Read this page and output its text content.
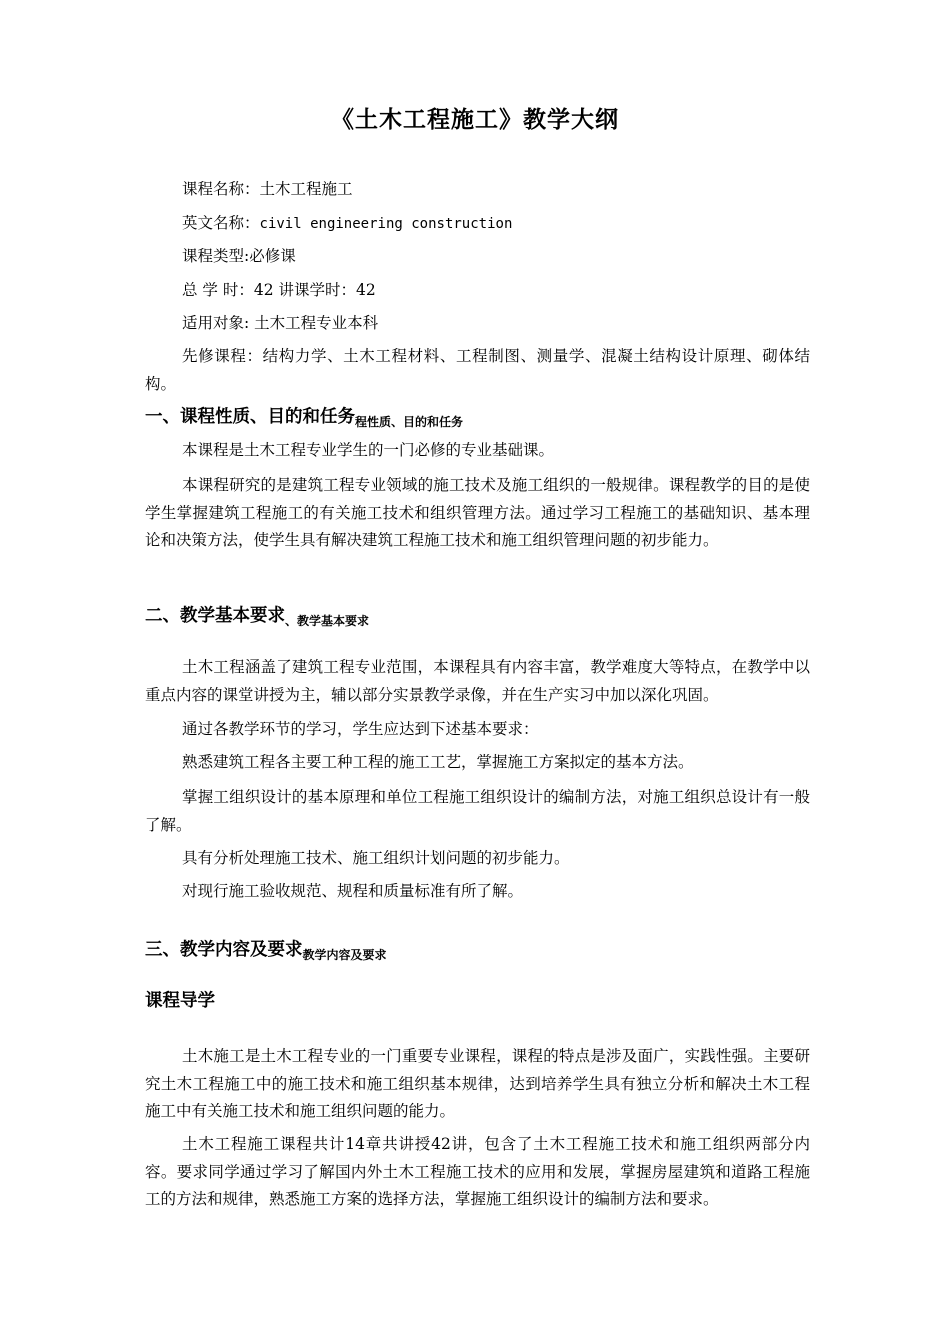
《土木工程施工》教学大纲
课程名称：土木工程施工
英文名称：civil engineering construction
课程类型:必修课
总 学 时：42 讲课学时：42
适用对象: 土木工程专业本科
先修课程：结构力学、土木工程材料、工程制图、测量学、混凝土结构设计原理、砌体结构。
一、课程性质、目的和任务$_{程性质、目的和任务}$
本课程是土木工程专业学生的一门必修的专业基础课。
本课程研究的是建筑工程专业领域的施工技术及施工组织的一般规律。课程教学的目的是使学生掌握建筑工程施工的有关施工技术和组织管理方法。通过学习工程施工的基础知识、基本理论和决策方法，使学生具有解决建筑工程施工技术和施工组织管理问题的初步能力。
二、教学基本要求$_{、教学基本要求}$
土木工程涵盖了建筑工程专业范围，本课程具有内容丰富，教学难度大等特点，在教学中以重点内容的课堂讲授为主，辅以部分实景教学录像，并在生产实习中加以深化巩固。
通过各教学环节的学习，学生应达到下述基本要求：
熟悉建筑工程各主要工种工程的施工工艺，掌握施工方案拟定的基本方法。
掌握工组织设计的基本原理和单位工程施工组织设计的编制方法，对施工组织总设计有一般了解。
具有分析处理施工技术、施工组织计划问题的初步能力。
对现行施工验收规范、规程和质量标准有所了解。
三、教学内容及要求$_{教学内容及要求}$
课程导学
土木施工是土木工程专业的一门重要专业课程，课程的特点是涉及面广，实践性强。主要研究土木工程施工中的施工技术和施工组织基本规律，达到培养学生具有独立分析和解决土木工程施工中有关施工技术和施工组织问题的能力。
土木工程施工课程共计14章共讲授42讲，包含了土木工程施工技术和施工组织两部分内容。要求同学通过学习了解国内外土木工程施工技术的应用和发展，掌握房屋建筑和道路工程施工的方法和规律，熟悉施工方案的选择方法，掌握施工组织设计的编制方法和要求。
